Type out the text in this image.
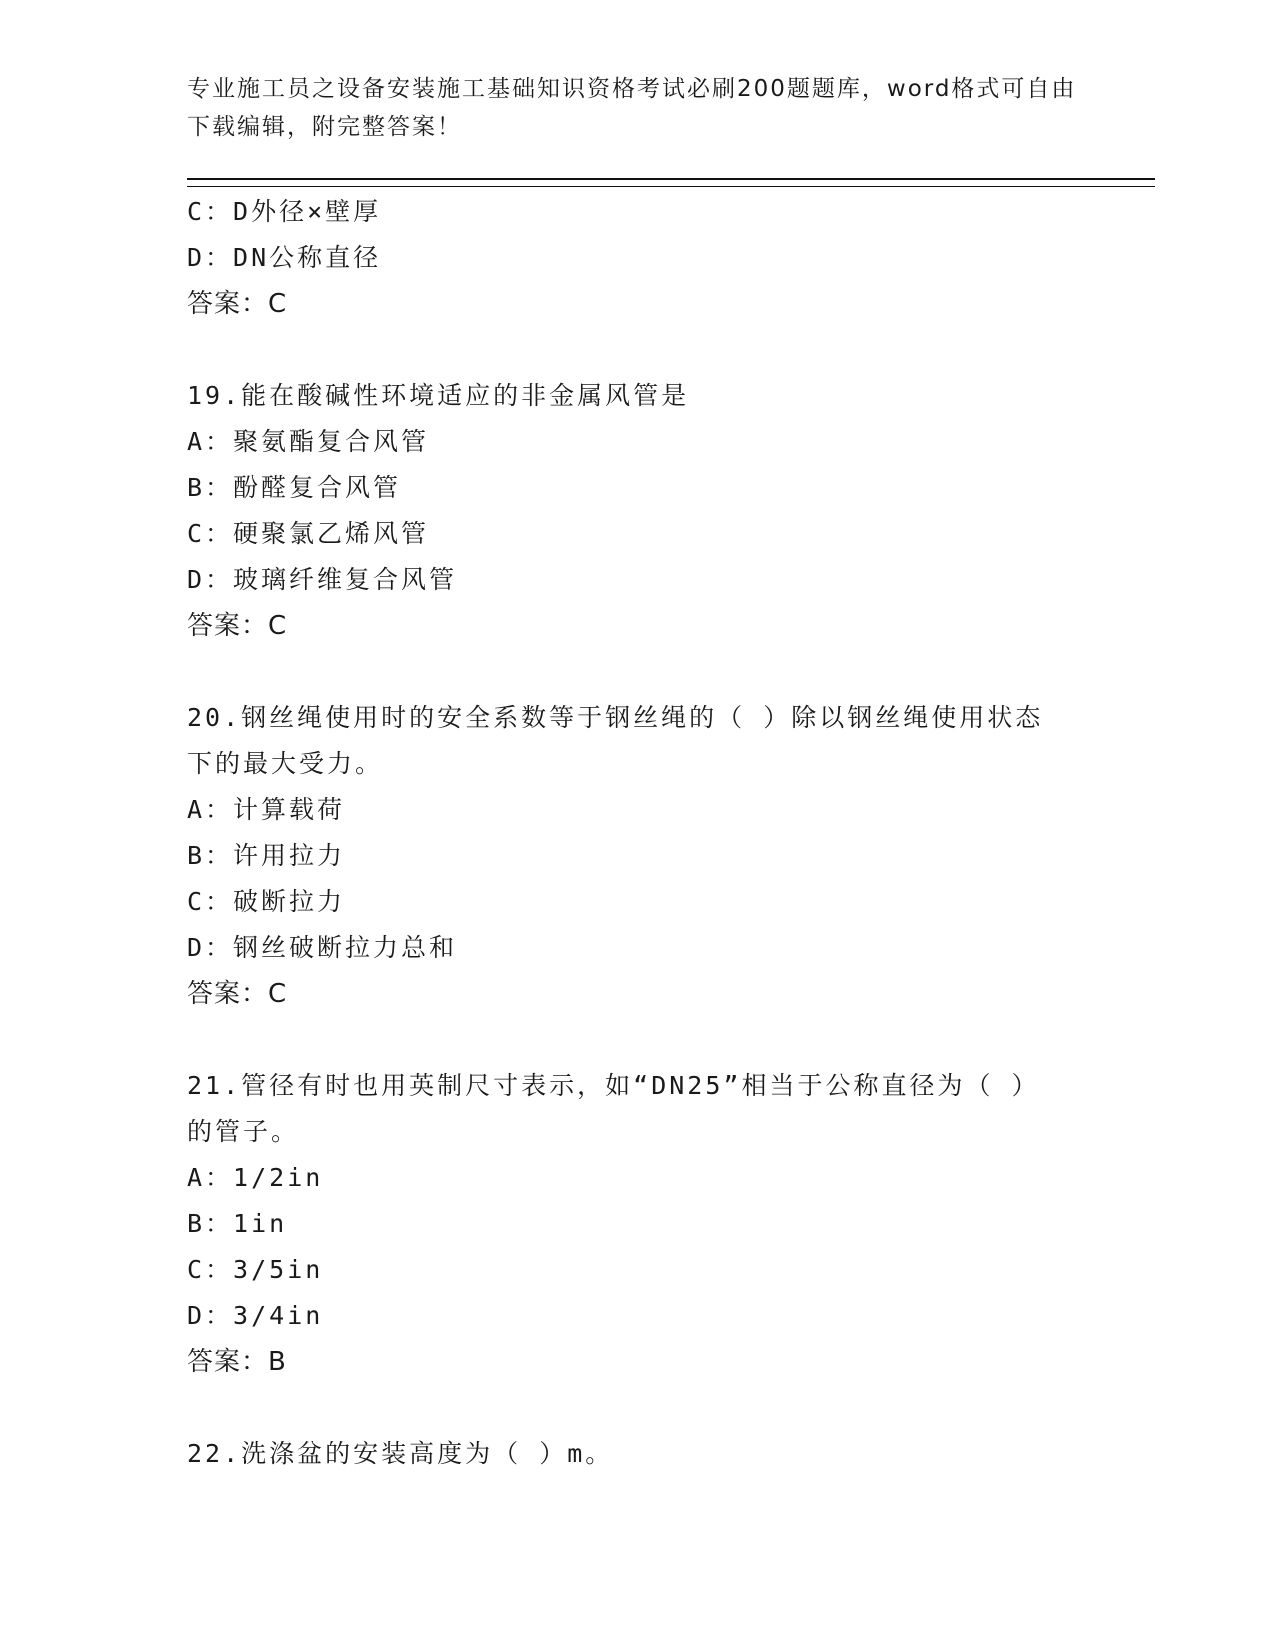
专业施工员之设备安装施工基础知识资格考试必刷200题题库，word格式可自由
下载编辑，附完整答案！
C：D外径×壁厚
D：DN公称直径
答案：C
19.能在酸碱性环境适应的非金属风管是
A：聚氨酯复合风管
B：酚醛复合风管
C：硬聚氯乙烯风管
D：玻璃纤维复合风管
答案：C
20.钢丝绳使用时的安全系数等于钢丝绳的（ ）除以钢丝绳使用状态
下的最大受力。
A：计算载荷
B：许用拉力
C：破断拉力
D：钢丝破断拉力总和
答案：C
21.管径有时也用英制尺寸表示，如“DN25”相当于公称直径为（ ）
的管子。
A：1/2in
B：1in
C：3/5in
D：3/4in
答案：B
22.洗涤盆的安装高度为（ ）m。
